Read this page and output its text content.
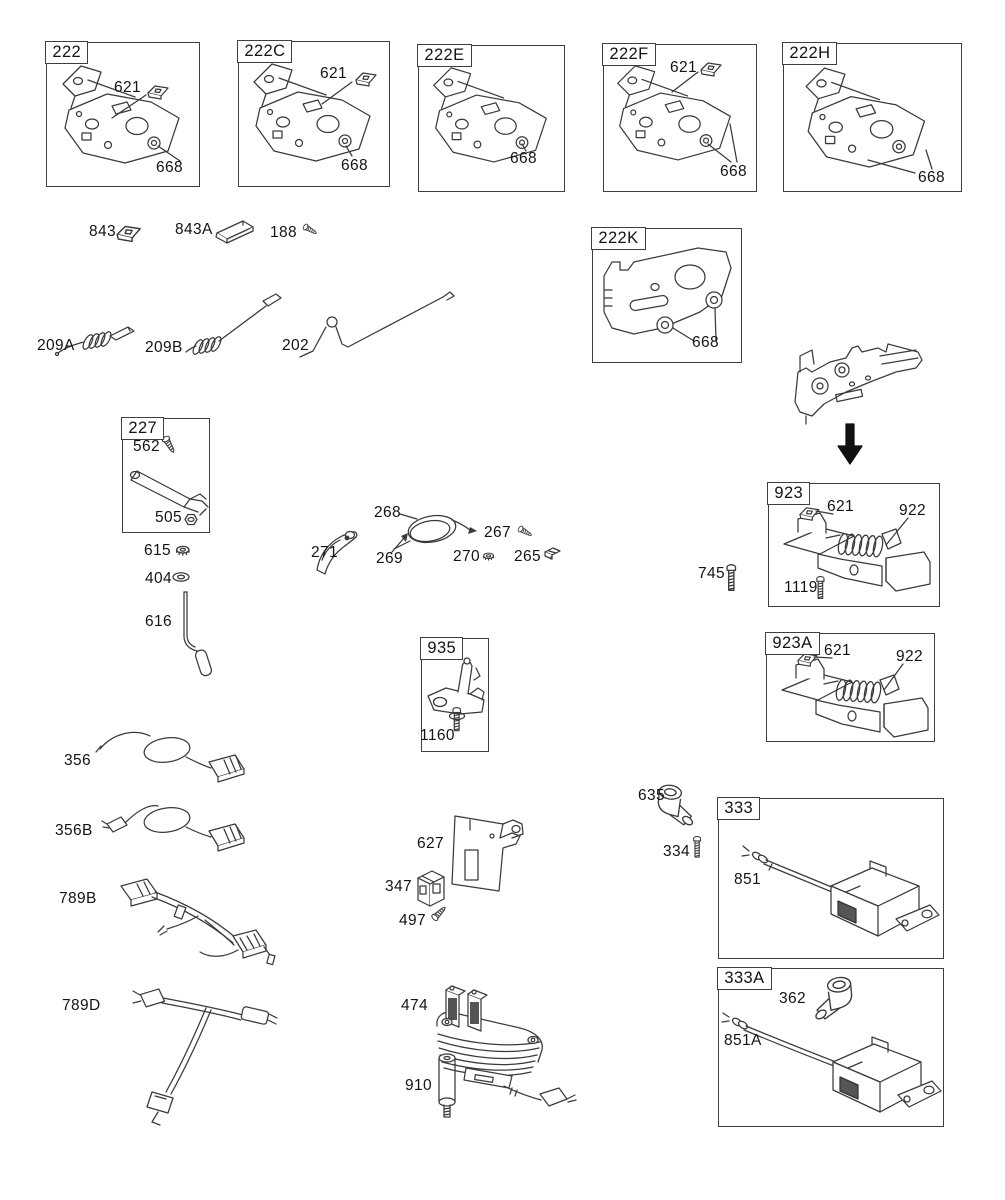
222	222C	222E	222F	222H
222K
227
923
923A
935
333
333A
621
668
621
668	668
621
668	668
668
562
505
621	922
1119
621	922
1160
851
362
851A
843	843A	188
209A	209B	202
615
404
616
271
268
269
267
270 265
745
356
356B
789B
789D
627
347
497
474
910
635
334
